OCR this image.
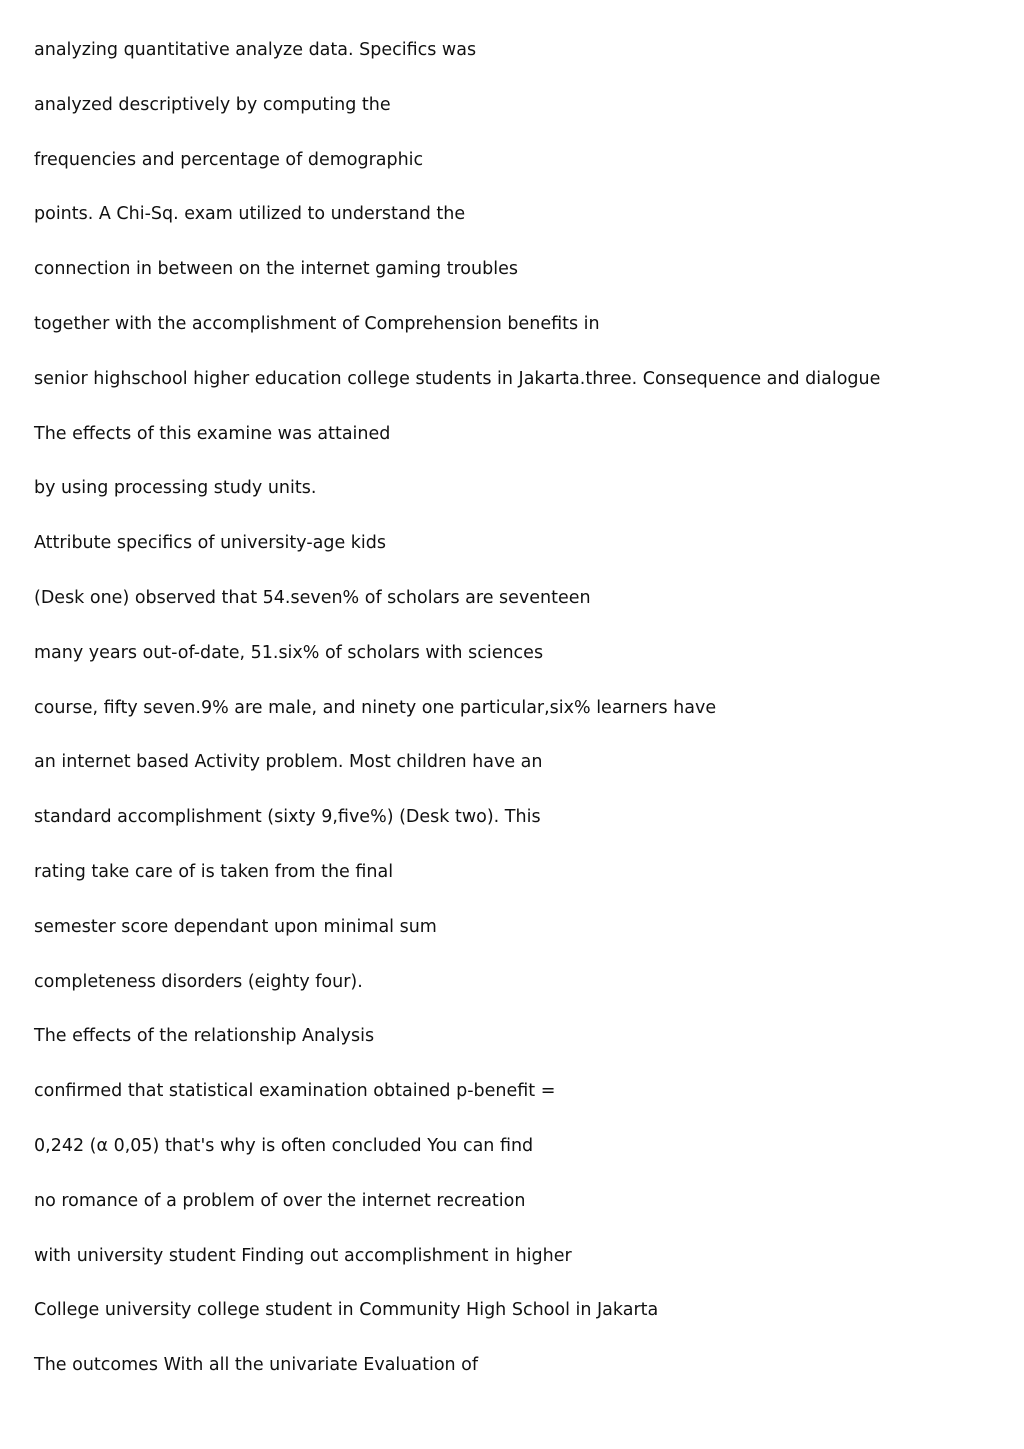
analyzing quantitative analyze data. Specifics was

analyzed descriptively by computing the

frequencies and percentage of demographic

points. A Chi-Sq. exam utilized to understand the

connection in between on the internet gaming troubles

together with the accomplishment of Comprehension benefits in

senior highschool higher education college students in Jakarta.three. Consequence and dialogue

The effects of this examine was attained

by using processing study units.

Attribute specifics of university-age kids

(Desk one) observed that 54.seven% of scholars are seventeen

many years out-of-date, 51.six% of scholars with sciences

course, fifty seven.9% are male, and ninety one particular,six% learners have

an internet based Activity problem. Most children have an

standard accomplishment (sixty 9,five%) (Desk two). This

rating take care of is taken from the final

semester score dependant upon minimal sum

completeness disorders (eighty four).

The effects of the relationship Analysis

confirmed that statistical examination obtained p-benefit =

0,242 (α 0,05) that's why is often concluded You can find

no romance of a problem of over the internet recreation

with university student Finding out accomplishment in higher

College university college student in Community High School in Jakarta

The outcomes With all the univariate Evaluation of
